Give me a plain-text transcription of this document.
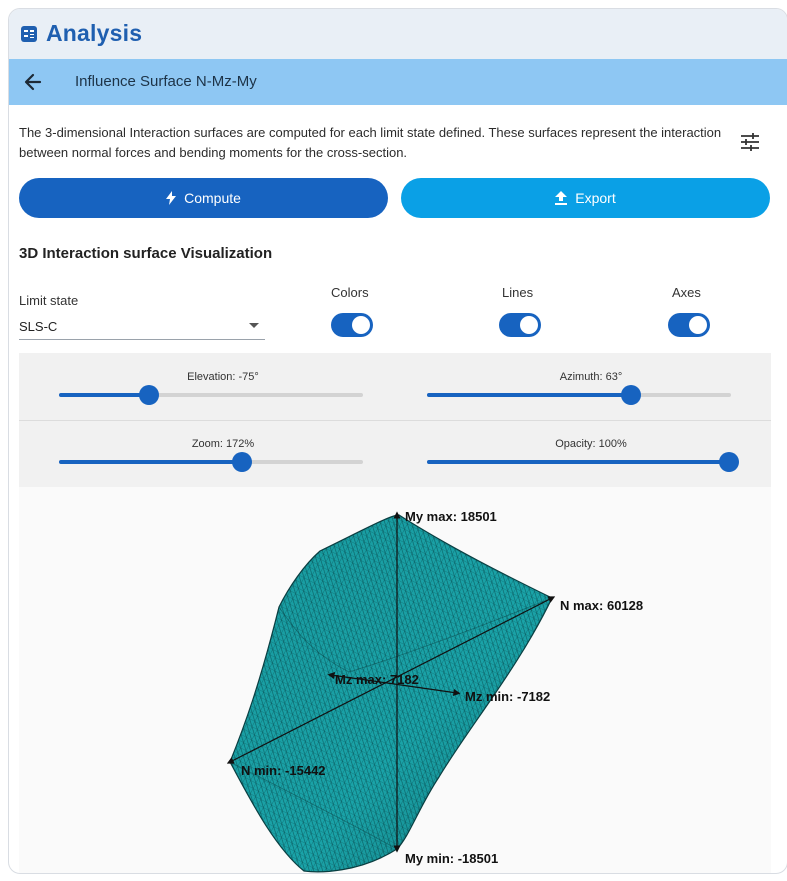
Analysis
Influence Surface N-Mz-My
The 3-dimensional Interaction surfaces are computed for each limit state defined. These surfaces represent the interaction between normal forces and bending moments for the cross-section.
Compute	Export
3D Interaction surface Visualization
Limit state
SLS-C
Colors	Lines	Axes
Elevation: -75°	Azimuth: 63°
Zoom: 172%	Opacity: 100%
My max: 18501
My min: -18501
N max: 60128
N min: -15442
Mz max: 7182
Mz min: -7182
